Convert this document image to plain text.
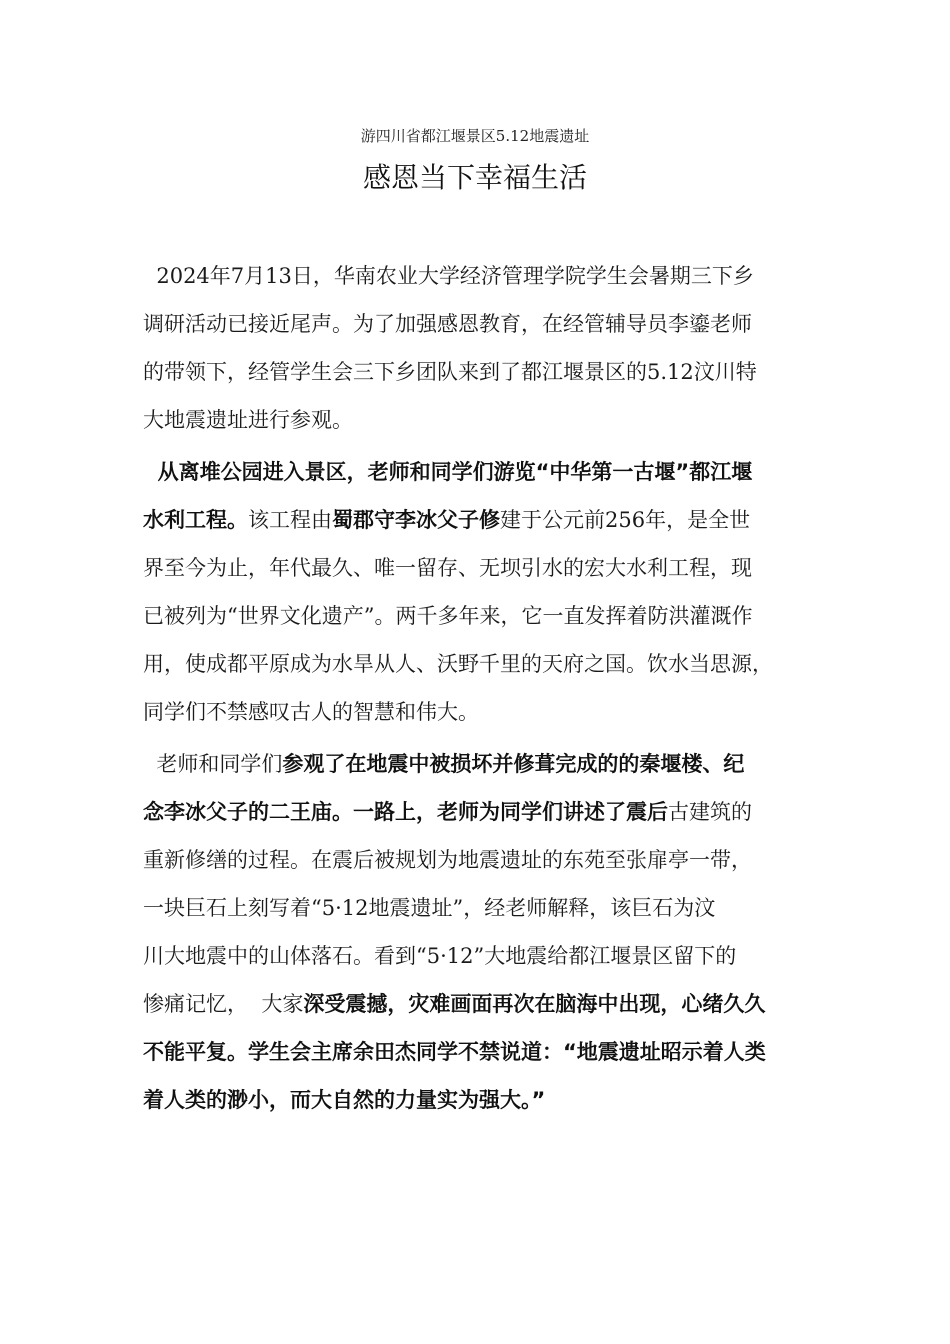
游四川省都江堰景区5.12地震遗址
感恩当下幸福生活
2024年7月13日，华南农业大学经济管理学院学生会暑期三下乡
调研活动已接近尾声。为了加强感恩教育，在经管辅导员李鎏老师
的带领下，经管学生会三下乡团队来到了都江堰景区的5.12汶川特
大地震遗址进行参观。
从离堆公园进入景区，老师和同学们游览“中华第一古堰”都江堰
水利工程。该工程由蜀郡守李冰父子修建于公元前256年，是全世
界至今为止，年代最久、唯一留存、无坝引水的宏大水利工程，现
已被列为“世界文化遗产”。两千多年来，它一直发挥着防洪灌溉作
用，使成都平原成为水旱从人、沃野千里的天府之国。饮水当思源，
同学们不禁感叹古人的智慧和伟大。
老师和同学们参观了在地震中被损坏并修葺完成的的秦堰楼、纪
念李冰父子的二王庙。一路上，老师为同学们讲述了震后古建筑的
重新修缮的过程。在震后被规划为地震遗址的东苑至张扉亭一带，
一块巨石上刻写着“5·12地震遗址”，经老师解释，该巨石为汶
川大地震中的山体落石。看到“5·12”大地震给都江堰景区留下的
惨痛记忆，  大家深受震撼，灾难画面再次在脑海中出现，心绪久久
不能平复。学生会主席余田杰同学不禁说道：“地震遗址昭示着人类
着人类的渺小，而大自然的力量实为强大。”
